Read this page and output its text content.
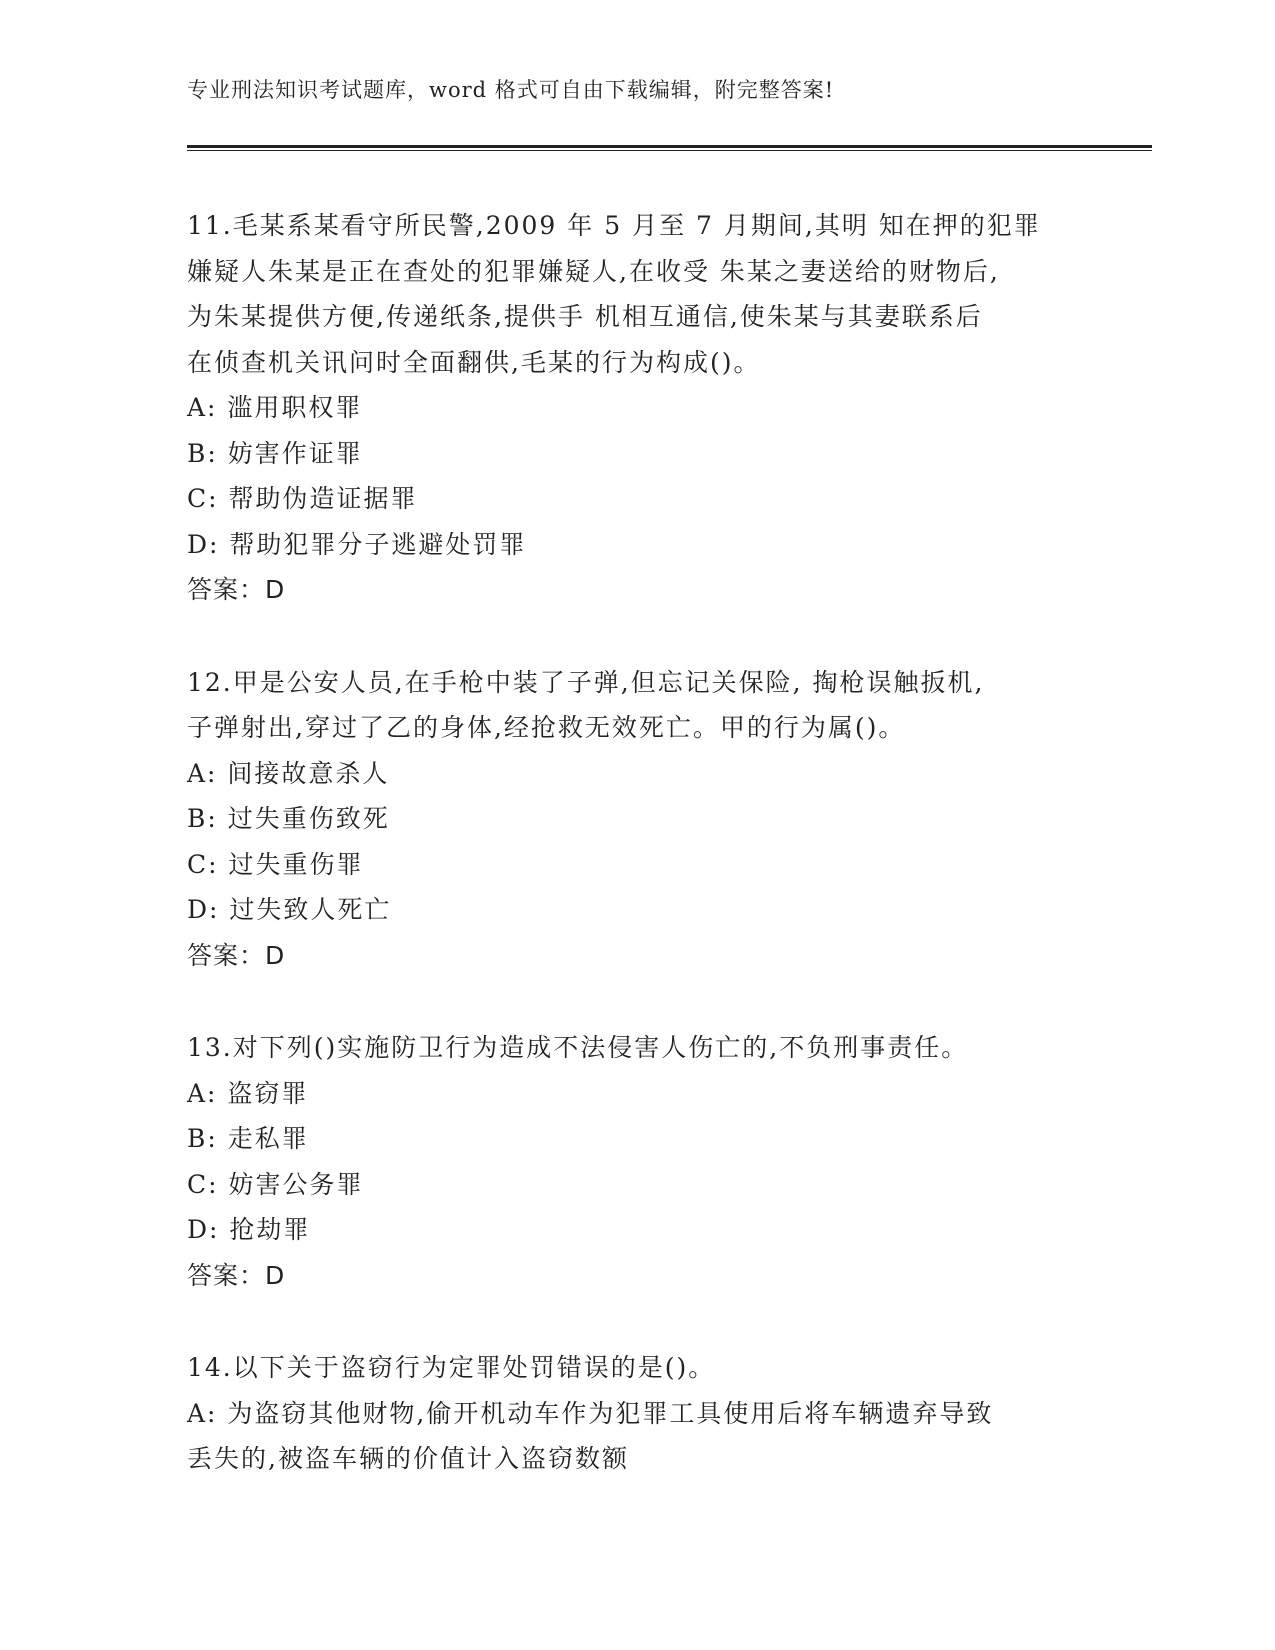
专业刑法知识考试题库，word 格式可自由下载编辑，附完整答案!
11.毛某系某看守所民警,2009 年 5 月至 7 月期间,其明 知在押的犯罪
嫌疑人朱某是正在查处的犯罪嫌疑人,在收受 朱某之妻送给的财物后,
为朱某提供方便,传递纸条,提供手 机相互通信,使朱某与其妻联系后
在侦查机关讯问时全面翻供,毛某的行为构成()。
A: 滥用职权罪
B: 妨害作证罪
C: 帮助伪造证据罪
D: 帮助犯罪分子逃避处罚罪
答案：D
12.甲是公安人员,在手枪中装了子弹,但忘记关保险, 掏枪误触扳机,
子弹射出,穿过了乙的身体,经抢救无效死亡。甲的行为属()。
A: 间接故意杀人
B: 过失重伤致死
C: 过失重伤罪
D: 过失致人死亡
答案：D
13.对下列()实施防卫行为造成不法侵害人伤亡的,不负刑事责任。
A: 盗窃罪
B: 走私罪
C: 妨害公务罪
D: 抢劫罪
答案：D
14.以下关于盗窃行为定罪处罚错误的是()。
A: 为盗窃其他财物,偷开机动车作为犯罪工具使用后将车辆遗弃导致
丢失的,被盗车辆的价值计入盗窃数额
